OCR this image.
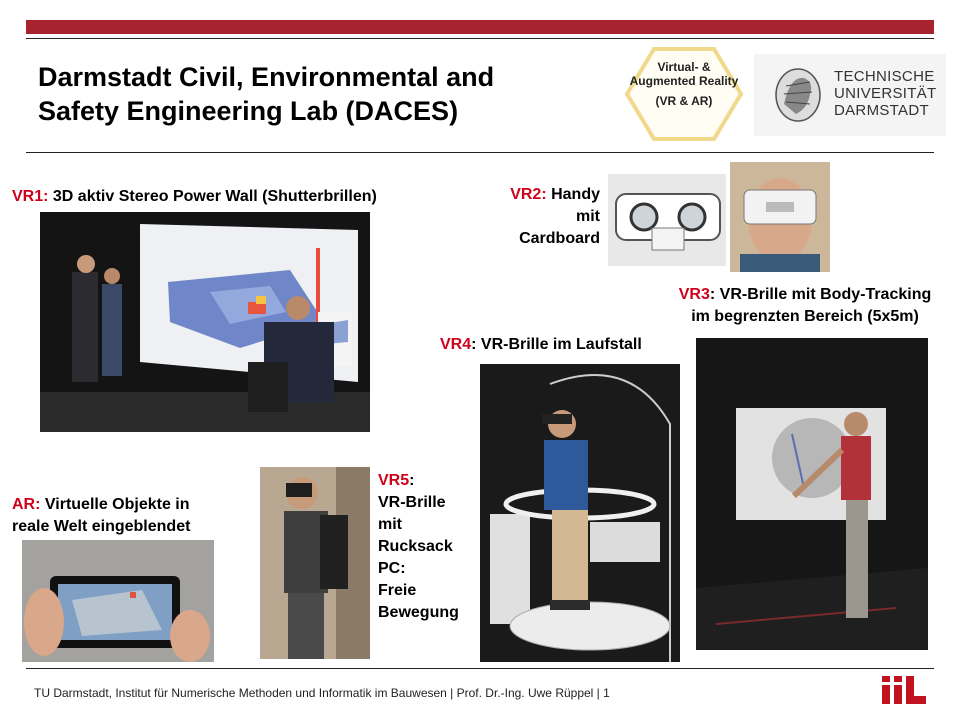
Darmstadt Civil, Environmental and
Safety Engineering Lab (DACES)
Virtual- & Augmented Reality
(VR & AR)
TECHNISCHE
UNIVERSITÄT
DARMSTADT
VR1: 3D aktiv Stereo Power Wall (Shutterbrillen)	VR2: Handy
mit
Cardboard
VR3: VR-Brille mit Body-Tracking
im begrenzten Bereich (5x5m)
VR4: VR-Brille im Laufstall
VR5:
VR-Brille
mit
Rucksack
PC:
Freie
Bewegung
AR: Virtuelle Objekte in
reale Welt eingeblendet
TU Darmstadt, Institut für Numerische Methoden und Informatik im Bauwesen | Prof. Dr.-Ing. Uwe Rüppel | 1
